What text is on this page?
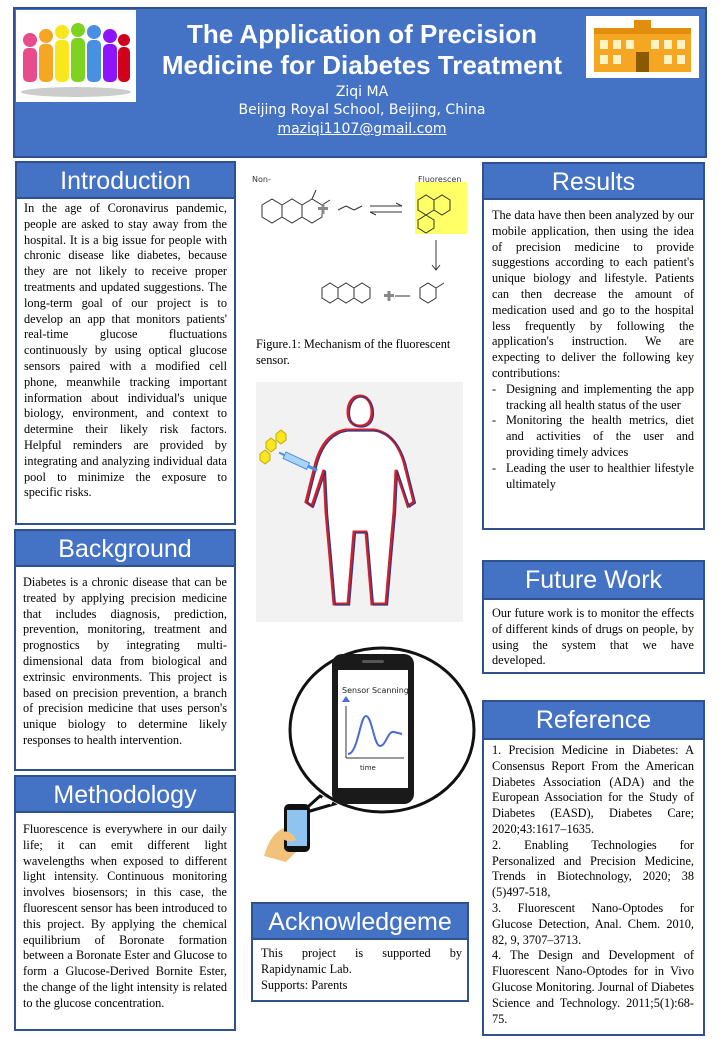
The Application of Precision
Medicine for Diabetes Treatment
Ziqi MA
Beijing Royal School, Beijing, China
maziqi1107@gmail.com
Introduction
In the age of Coronavirus pandemic, people are asked to stay away from the hospital. It is a big issue for people with chronic disease like diabetes, because they are not likely to receive proper treatments and updated suggestions. The long-term goal of our project is to develop an app that monitors patients' real-time glucose fluctuations continuously by using optical glucose sensors paired with a modified cell phone, meanwhile tracking important information about individual's unique biology, environment, and context to determine their likely risk factors. Helpful reminders are provided by integrating and analyzing individual data pool to minimize the exposure to specific risks.
Background
Diabetes is a chronic disease that can be treated by applying precision medicine that includes diagnosis, prediction, prevention, monitoring, treatment and prognostics by integrating multi-dimensional data from biological and extrinsic environments. This project is based on precision prevention, a branch of precision medicine that uses person's unique biology to determine likely responses to health intervention.
Methodology
Fluorescence is everywhere in our daily life; it can emit different light wavelengths when exposed to different light intensity. Continuous monitoring involves biosensors; in this case, the fluorescent sensor has been introduced to this project. By applying the chemical equilibrium of Boronate formation between a Boronate Ester and Glucose to form a Glucose-Derived Bornite Ester, the change of the light intensity is related to the glucose concentration.
Non-	Fluorescen
Figure.1: Mechanism of the fluorescent sensor.
Sensor Scanning
time
Acknowledgeme
This project is supported by Rapidynamic Lab.
Supports: Parents
Results
The data have then been analyzed by our mobile application, then using the idea of precision medicine to provide suggestions according to each patient's unique biology and lifestyle. Patients can then decrease the amount of medication used and go to the hospital less frequently by following the application's instruction. We are expecting to deliver the following key contributions:
- Designing and implementing the app tracking all health status of the user
- Monitoring the health metrics, diet and activities of the user and providing timely advices
- Leading the user to healthier lifestyle ultimately
Future Work
Our future work is to monitor the effects of different kinds of drugs on people, by using the system that we have developed.
Reference
1. Precision Medicine in Diabetes: A Consensus Report From the American Diabetes Association (ADA) and the European Association for the Study of Diabetes (EASD), Diabetes Care; 2020;43:1617–1635.
2. Enabling Technologies for Personalized and Precision Medicine, Trends in Biotechnology, 2020; 38 (5)497-518,
3. Fluorescent Nano-Optodes for Glucose Detection, Anal. Chem. 2010, 82, 9, 3707–3713.
4. The Design and Development of Fluorescent Nano-Optodes for in Vivo Glucose Monitoring. Journal of Diabetes Science and Technology. 2011;5(1):68-75.
